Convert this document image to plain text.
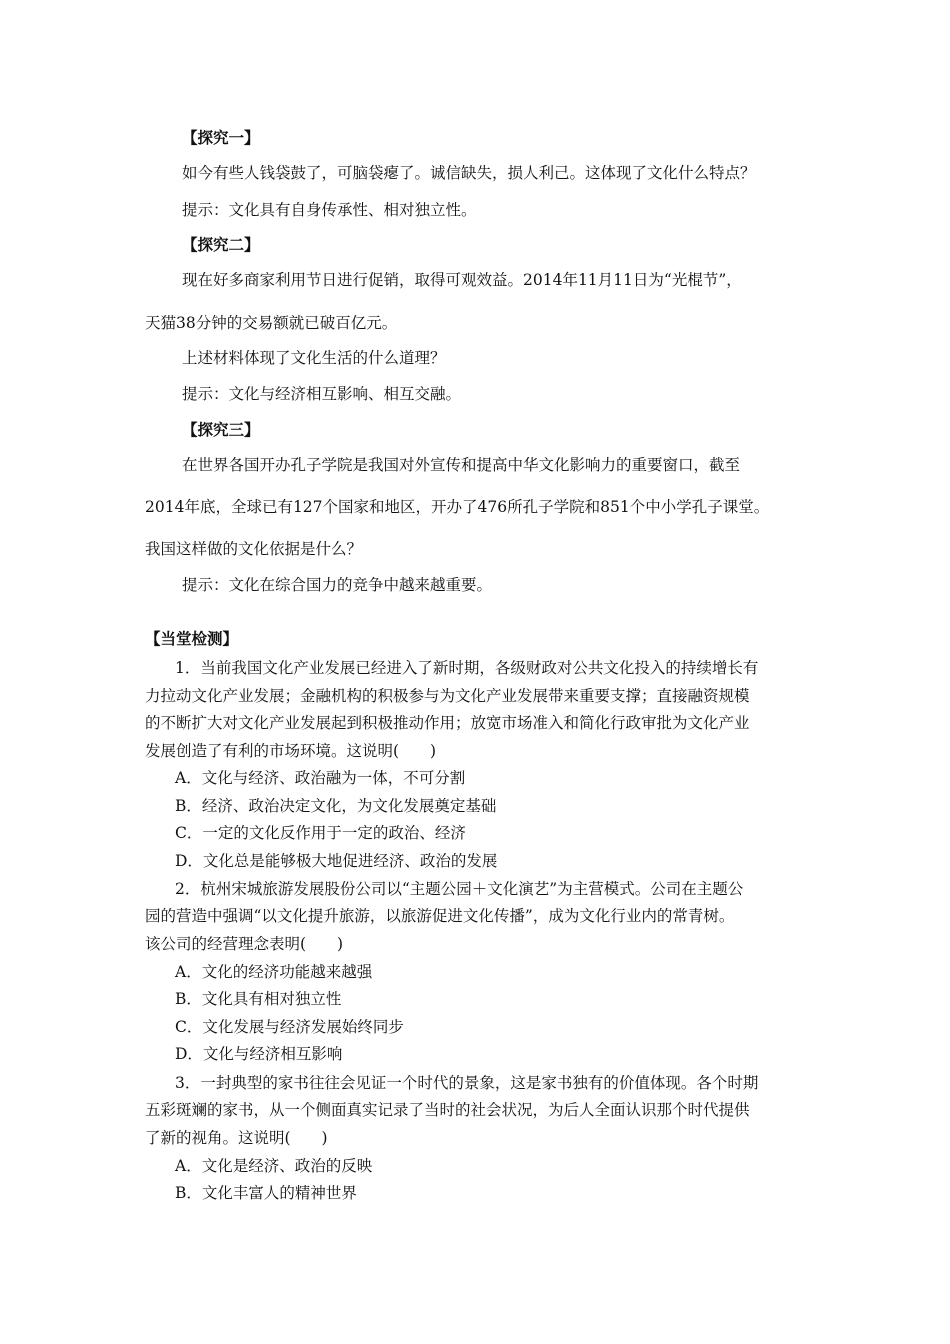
【探究一】
如今有些人钱袋鼓了，可脑袋瘪了。诚信缺失，损人利己。这体现了文化什么特点？
提示：文化具有自身传承性、相对独立性。
【探究二】
现在好多商家利用节日进行促销，取得可观效益。2014年11月11日为“光棍节”，
天猫38分钟的交易额就已破百亿元。
上述材料体现了文化生活的什么道理？
提示：文化与经济相互影响、相互交融。
【探究三】
在世界各国开办孔子学院是我国对外宣传和提高中华文化影响力的重要窗口，截至
2014年底，全球已有127个国家和地区，开办了476所孔子学院和851个中小学孔子课堂。
我国这样做的文化依据是什么？
提示：文化在综合国力的竞争中越来越重要。
【当堂检测】
1．当前我国文化产业发展已经进入了新时期，各级财政对公共文化投入的持续增长有
力拉动文化产业发展；金融机构的积极参与为文化产业发展带来重要支撑；直接融资规模
的不断扩大对文化产业发展起到积极推动作用；放宽市场准入和简化行政审批为文化产业
发展创造了有利的市场环境。这说明(　　)
A．文化与经济、政治融为一体，不可分割
B．经济、政治决定文化，为文化发展奠定基础
C．一定的文化反作用于一定的政治、经济
D．文化总是能够极大地促进经济、政治的发展
2．杭州宋城旅游发展股份公司以“主题公园＋文化演艺”为主营模式。公司在主题公
园的营造中强调“以文化提升旅游，以旅游促进文化传播”，成为文化行业内的常青树。
该公司的经营理念表明(　　)
A．文化的经济功能越来越强
B．文化具有相对独立性
C．文化发展与经济发展始终同步
D．文化与经济相互影响
3．一封典型的家书往往会见证一个时代的景象，这是家书独有的价值体现。各个时期
五彩斑斓的家书，从一个侧面真实记录了当时的社会状况，为后人全面认识那个时代提供
了新的视角。这说明(　　)
A．文化是经济、政治的反映
B．文化丰富人的精神世界
